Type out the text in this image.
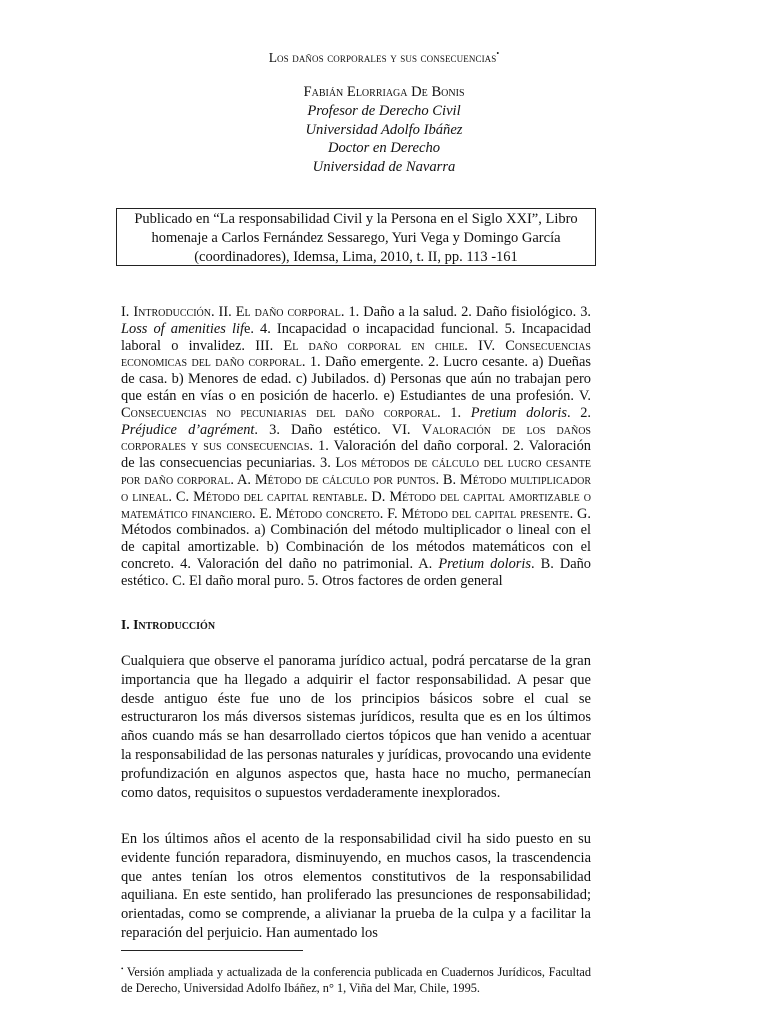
Los daños corporales y sus consecuencias•
Fabián Elorriaga De Bonis
Profesor de Derecho Civil
Universidad Adolfo Ibáñez
Doctor en Derecho
Universidad de Navarra
Publicado en “La responsabilidad Civil y la Persona en el Siglo XXI”, Libro homenaje a Carlos Fernández Sessarego, Yuri Vega y Domingo García (coordinadores), Idemsa, Lima, 2010, t. II, pp. 113 -161
I. Introducción. II. El daño corporal. 1. Daño a la salud. 2. Daño fisiológico. 3. Loss of amenities life. 4. Incapacidad o incapacidad funcional. 5. Incapacidad laboral o invalidez. III. El daño corporal en chile. IV. Consecuencias economicas del daño corporal. 1. Daño emergente. 2. Lucro cesante. a) Dueñas de casa. b) Menores de edad. c) Jubilados. d) Personas que aún no trabajan pero que están en vías o en posición de hacerlo. e) Estudiantes de una profesión. V. Consecuencias no pecuniarias del daño corporal. 1. Pretium doloris. 2. Préjudice d’agrément. 3. Daño estético. VI. Valoración de los daños corporales y sus consecuencias. 1. Valoración del daño corporal. 2. Valoración de las consecuencias pecuniarias. 3. Los métodos de cálculo del lucro cesante por daño corporal. A. Método de cálculo por puntos. B. Método multiplicador o lineal. C. Método del capital rentable. D. Método del capital amortizable o matemático financiero. E. Método concreto. F. Método del capital presente. G. Métodos combinados. a) Combinación del método multiplicador o lineal con el de capital amortizable. b) Combinación de los métodos matemáticos con el concreto. 4. Valoración del daño no patrimonial. A. Pretium doloris. B. Daño estético. C. El daño moral puro. 5. Otros factores de orden general
I. Introducción
Cualquiera que observe el panorama jurídico actual, podrá percatarse de la gran importancia que ha llegado a adquirir el factor responsabilidad. A pesar que desde antiguo éste fue uno de los principios básicos sobre el cual se estructuraron los más diversos sistemas jurídicos, resulta que es en los últimos años cuando más se han desarrollado ciertos tópicos que han venido a acentuar la responsabilidad de las personas naturales y jurídicas, provocando una evidente profundización en algunos aspectos que, hasta hace no mucho, permanecían como datos, requisitos o supuestos verdaderamente inexplorados.
En los últimos años el acento de la responsabilidad civil ha sido puesto en su evidente función reparadora, disminuyendo, en muchos casos, la trascendencia que antes tenían los otros elementos constitutivos de la responsabilidad aquiliana. En este sentido, han proliferado las presunciones de responsabilidad; orientadas, como se comprende, a alivianar la prueba de la culpa y a facilitar la reparación del perjuicio. Han aumentado los
• Versión ampliada y actualizada de la conferencia publicada en Cuadernos Jurídicos, Facultad de Derecho, Universidad Adolfo Ibáñez, n° 1, Viña del Mar, Chile, 1995.
